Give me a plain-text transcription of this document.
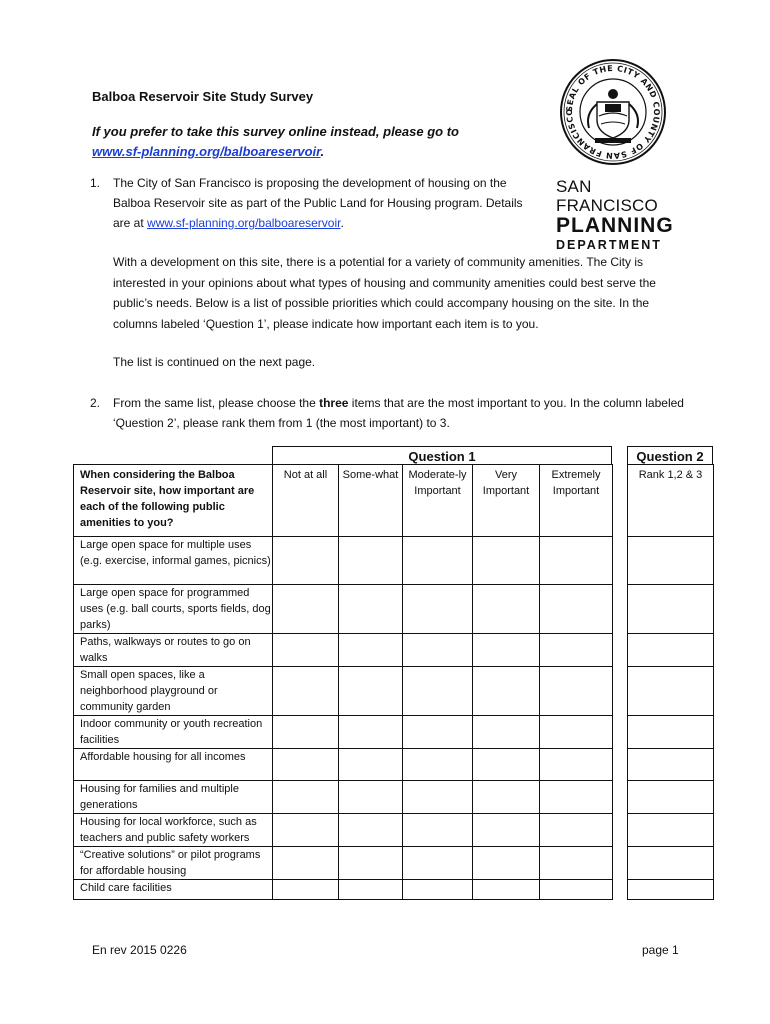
Balboa Reservoir Site Study Survey
If you prefer to take this survey online instead, please go to
www.sf-planning.org/balboareservoir.
SEAL OF THE CITY AND COUNTY OF SAN FRANCISCO
SAN FRANCISCO
PLANNING
DEPARTMENT
1. The City of San Francisco is proposing the development of housing on the Balboa Reservoir site as part of the Public Land for Housing program. Details are at www.sf-planning.org/balboareservoir.
With a development on this site, there is a potential for a variety of community amenities. The City is interested in your opinions about what types of housing and community amenities could best serve the public’s needs. Below is a list of possible priorities which could accompany housing on the site. In the columns labeled ‘Question 1’, please indicate how important each item is to you.
The list is continued on the next page.
2. From the same list, please choose the three items that are the most important to you. In the column labeled ‘Question 2’, please rank them from 1 (the most important) to 3.
Question 1	Question 2
When considering the Balboa Reservoir site, how important are each of the following public amenities to you?	Not at all	Some-what	Moderate-ly Important	Very Important	Extremely Important		Rank 1,2 & 3
Large open space for multiple uses (e.g. exercise, informal games, picnics)							
Large open space for programmed uses (e.g. ball courts, sports fields, dog parks)							
Paths, walkways or routes to go on walks							
Small open spaces, like a neighborhood playground or community garden							
Indoor community or youth recreation facilities							
Affordable housing for all incomes							
Housing for families and multiple generations							
Housing for local workforce, such as teachers and public safety workers							
“Creative solutions” or pilot programs for affordable housing							
Child care facilities							
En rev 2015 0226	page 1
